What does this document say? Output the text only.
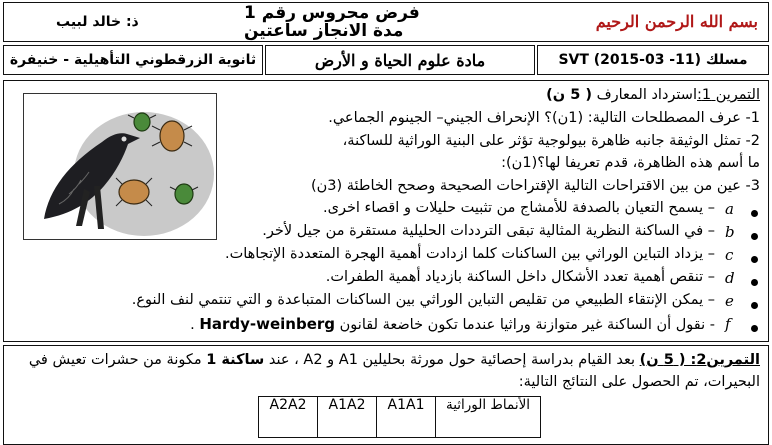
بسم الله الرحمن الرحيم
فرض محروس رقم 1
مدة الانجاز ساعتين
ذ: خالد لبيب
مسلك SVT (2015-03 -11)
مادة علوم الحياة و الأرض
ثانوية الزرقطوني التأهيلية - خنيفرة
التمرين 1:استرداد المعارف ( 5 ن)
1- عرف المصطلحات التالية: (1ن)؟ الإنحراف الجيني– الجينوم الجماعي.
2- تمثل الوثيقة جانبه ظاهرة بيولوجية تؤثر على البنية الوراثية للساكنة،
ما أسم هذه الظاهرة، قدم تعريفا لها؟(1ن):
3- عين من بين الاقتراحات التالية الإقتراحات الصحيحة وصحح الخاطئة (3ن)
a
– يسمح التعيان بالصدفة للأمشاج من تثبيت حليلات و اقصاء اخرى.
b
– في الساكنة النظرية المثالية تبقى الترددات الحليلية مستقرة من جيل لأخر.
c
– يزداد التباين الوراثي بين الساكنات كلما ازدادت أهمية الهجرة المتعددة الإتجاهات.
d
– تنقص أهمية تعدد الأشكال داخل الساكنة بازدياد أهمية الطفرات.
e
– يمكن الإنتقاء الطبيعي من تقليص التباين الوراثي بين الساكنات المتباعدة و التي تنتمي لنف النوع.
f
- نقول أن الساكنة غير متوازنة وراثيا عندما تكون خاضعة لقانون Hardy-weinberg .
التمرين2: ( 5 ن) بعد القيام بدراسة إحصائية حول مورثة بحليلين A1 و A2 ، عند ساكنة 1 مكونة من حشرات تعيش في
البحيرات، تم الحصول على النتائج التالية:
A2A2	A1A2	A1A1	الأنماط الوراثية
